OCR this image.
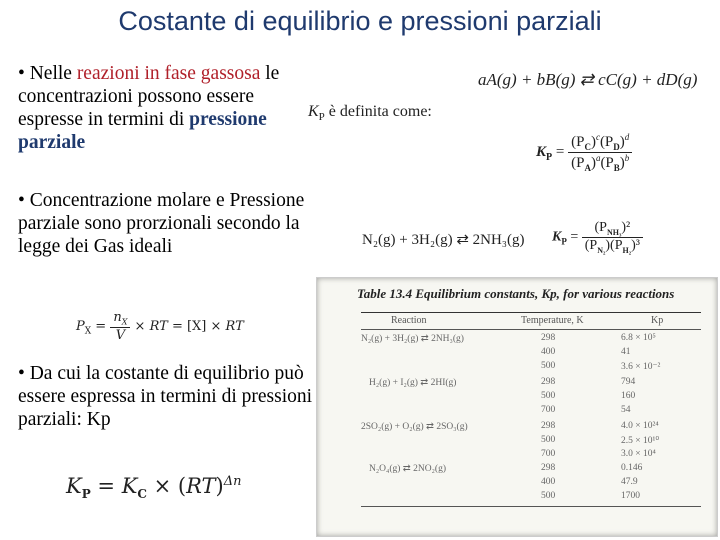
Costante di equilibrio e pressioni parziali
• Nelle reazioni in fase gassosa le concentrazioni possono essere espresse in termini di pressione parziale
aA(g) + bB(g) ⇄ cC(g) + dD(g)
$K_P$ è definita come:
$K_P = \frac{(P_C)^c(P_D)^d}{(P_A)^a(P_B)^b}$
• Concentrazione molare e Pressione parziale sono prorzionali secondo la legge dei Gas ideali	N₂(g) + 3H₂(g) ⇄ 2NH₃(g) $K_P = \frac{(P_{NH_3})^2}{(P_{N_2})(P_{H_2})^3}$
$P_X = \frac{n_X}{V}$ × RT = [X] × RT
• Da cui la costante di equilibrio può essere espressa in termini di pressioni parziali: Kp
$K_P = K_C \times (RT)^{\Delta n}$
Table 13.4 Equilibrium constants, Kp, for various reactions
Reaction	Temperature, K	Kp
N₂(g) + 3H₂(g) ⇄ 2NH₃(g)	298	6.8 × 10⁵
400	41
500	3.6 × 10⁻²
H₂(g) + I₂(g) ⇄ 2HI(g)	298	794
500	160
700	54
2SO₂(g) + O₂(g) ⇄ 2SO₃(g)	298	4.0 × 10²⁴
500	2.5 × 10¹⁰
700	3.0 × 10⁴
N₂O₄(g) ⇄ 2NO₂(g)	298	0.146
400	47.9
500	1700
